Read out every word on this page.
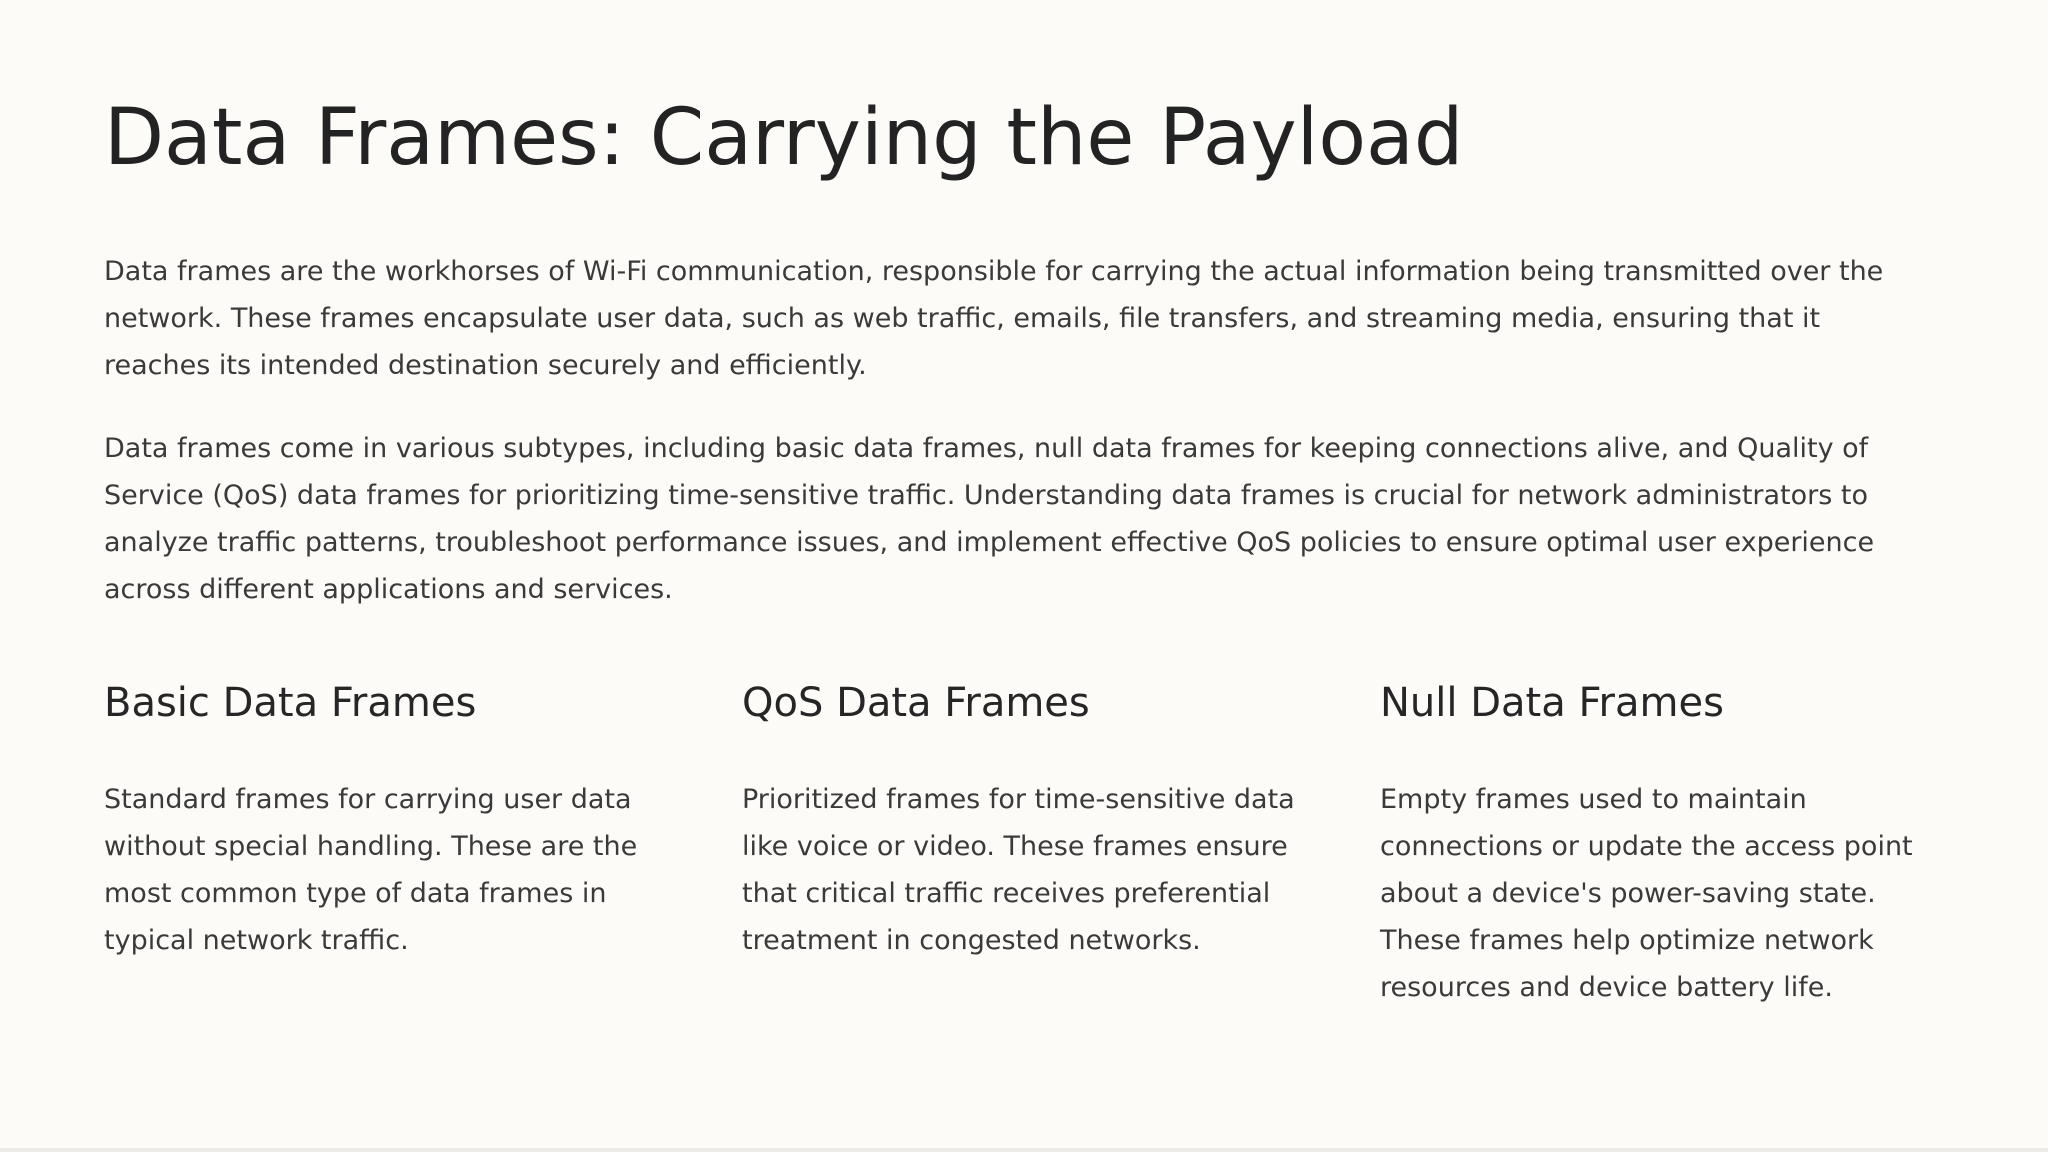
Data Frames: Carrying the Payload

Data frames are the workhorses of Wi-Fi communication, responsible for carrying the actual information being transmitted over the network. These frames encapsulate user data, such as web traffic, emails, file transfers, and streaming media, ensuring that it reaches its intended destination securely and efficiently.

Data frames come in various subtypes, including basic data frames, null data frames for keeping connections alive, and Quality of Service (QoS) data frames for prioritizing time-sensitive traffic. Understanding data frames is crucial for network administrators to analyze traffic patterns, troubleshoot performance issues, and implement effective QoS policies to ensure optimal user experience across different applications and services.

Basic Data Frames

Standard frames for carrying user data without special handling. These are the most common type of data frames in typical network traffic.

QoS Data Frames

Prioritized frames for time-sensitive data like voice or video. These frames ensure that critical traffic receives preferential treatment in congested networks.

Null Data Frames

Empty frames used to maintain connections or update the access point about a device's power-saving state. These frames help optimize network resources and device battery life.
